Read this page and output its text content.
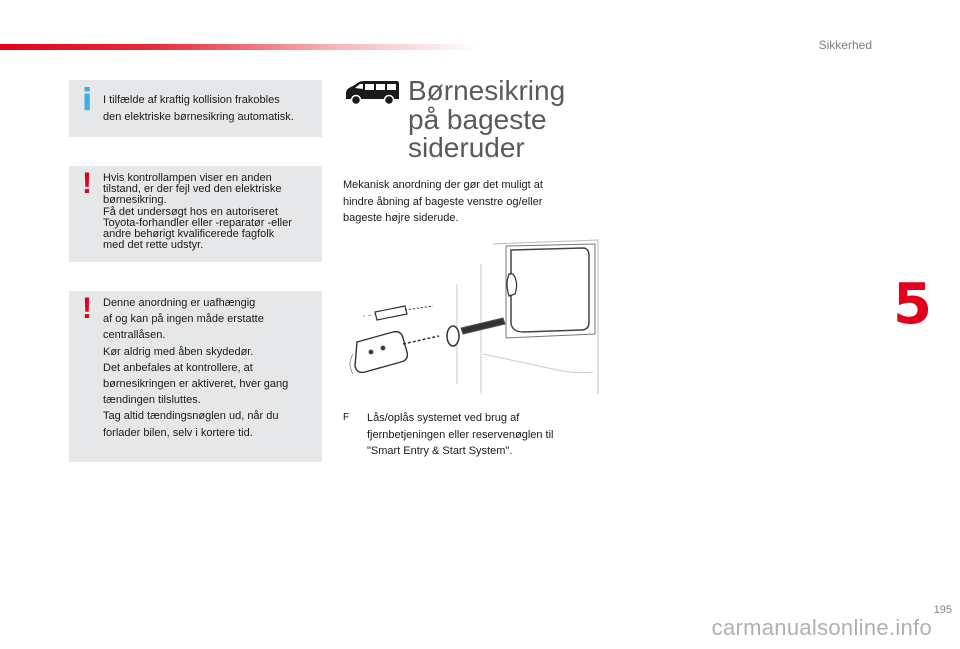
Sikkerhed
5
i I tilfælde af kraftig kollision frakobles
den elektriske børnesikring automatisk.
! Hvis kontrollampen viser en anden
tilstand, er der fejl ved den elektriske
børnesikring.
Få det undersøgt hos en autoriseret
Toyota-forhandler eller -reparatør -eller
andre behørigt kvalificerede fagfolk
med det rette udstyr.
! Denne anordning er uafhængig
af og kan på ingen måde erstatte
centrallåsen.
Kør aldrig med åben skydedør.
Det anbefales at kontrollere, at
børnesikringen er aktiveret, hver gang
tændingen tilsluttes.
Tag altid tændingsnøglen ud, når du
forlader bilen, selv i kortere tid.
Børnesikring
på bageste
sideruder
Mekanisk anordning der gør det muligt at
hindre åbning af bageste venstre og/eller
bageste højre siderude.
F Lås/oplås systemet ved brug af
fjernbetjeningen eller reservenøglen til
"Smart Entry & Start System".
195
carmanualsonline.info
